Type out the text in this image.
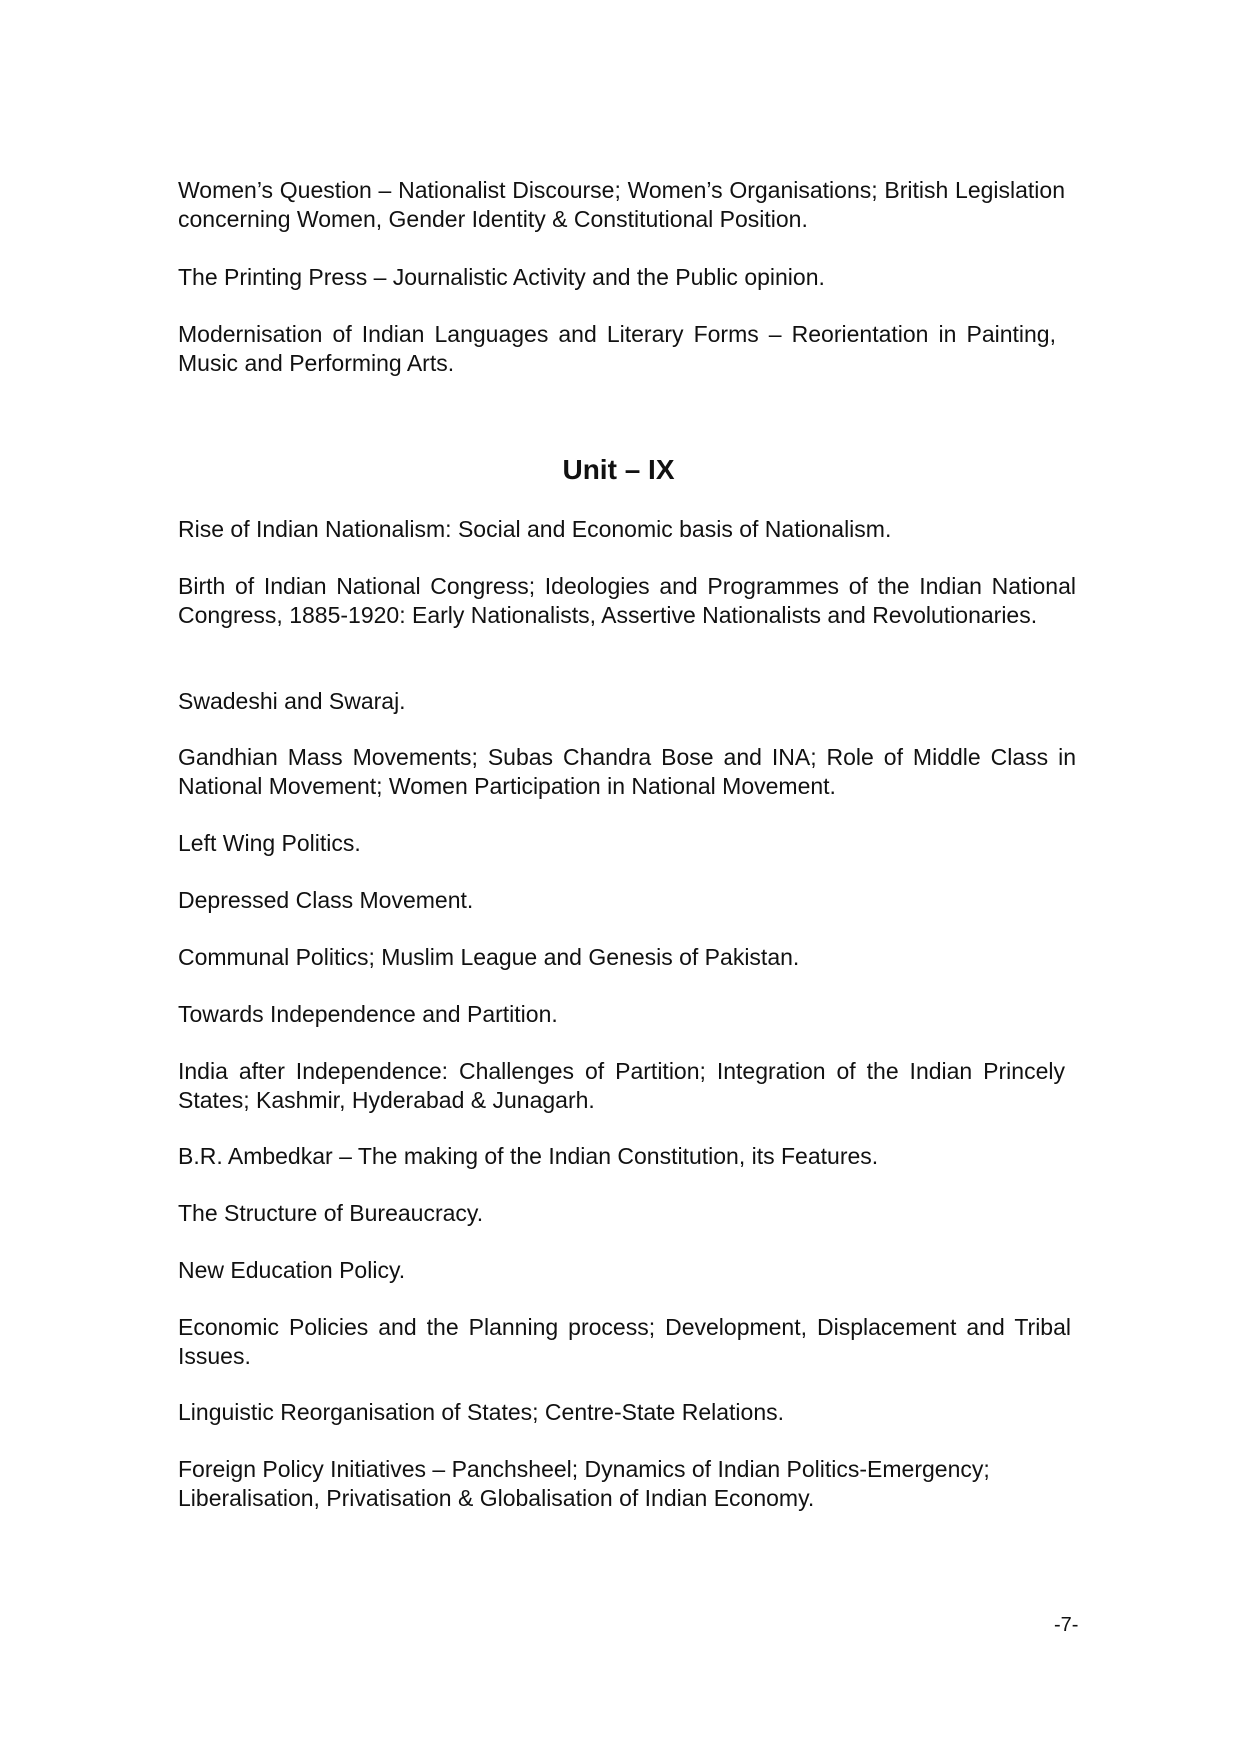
Women’s Question – Nationalist Discourse; Women’s Organisations; British Legislation concerning Women, Gender Identity & Constitutional Position.

The Printing Press – Journalistic Activity and the Public opinion.

Modernisation of Indian Languages and Literary Forms – Reorientation in Painting, Music and Performing Arts.

Unit – IX

Rise of Indian Nationalism: Social and Economic basis of Nationalism.

Birth of Indian National Congress; Ideologies and Programmes of the Indian National Congress, 1885-1920: Early Nationalists, Assertive Nationalists and Revolutionaries.

Swadeshi and Swaraj.

Gandhian Mass Movements; Subas Chandra Bose and INA; Role of Middle Class in National Movement; Women Participation in National Movement.

Left Wing Politics.

Depressed Class Movement.

Communal Politics; Muslim League and Genesis of Pakistan.

Towards Independence and Partition.

India after Independence: Challenges of Partition; Integration of the Indian Princely States; Kashmir, Hyderabad & Junagarh.

B.R. Ambedkar – The making of the Indian Constitution, its Features.

The Structure of Bureaucracy.

New Education Policy.

Economic Policies and the Planning process; Development, Displacement and Tribal Issues.

Linguistic Reorganisation of States; Centre-State Relations.

Foreign Policy Initiatives – Panchsheel; Dynamics of Indian Politics-Emergency; Liberalisation, Privatisation & Globalisation of Indian Economy.

-7-
